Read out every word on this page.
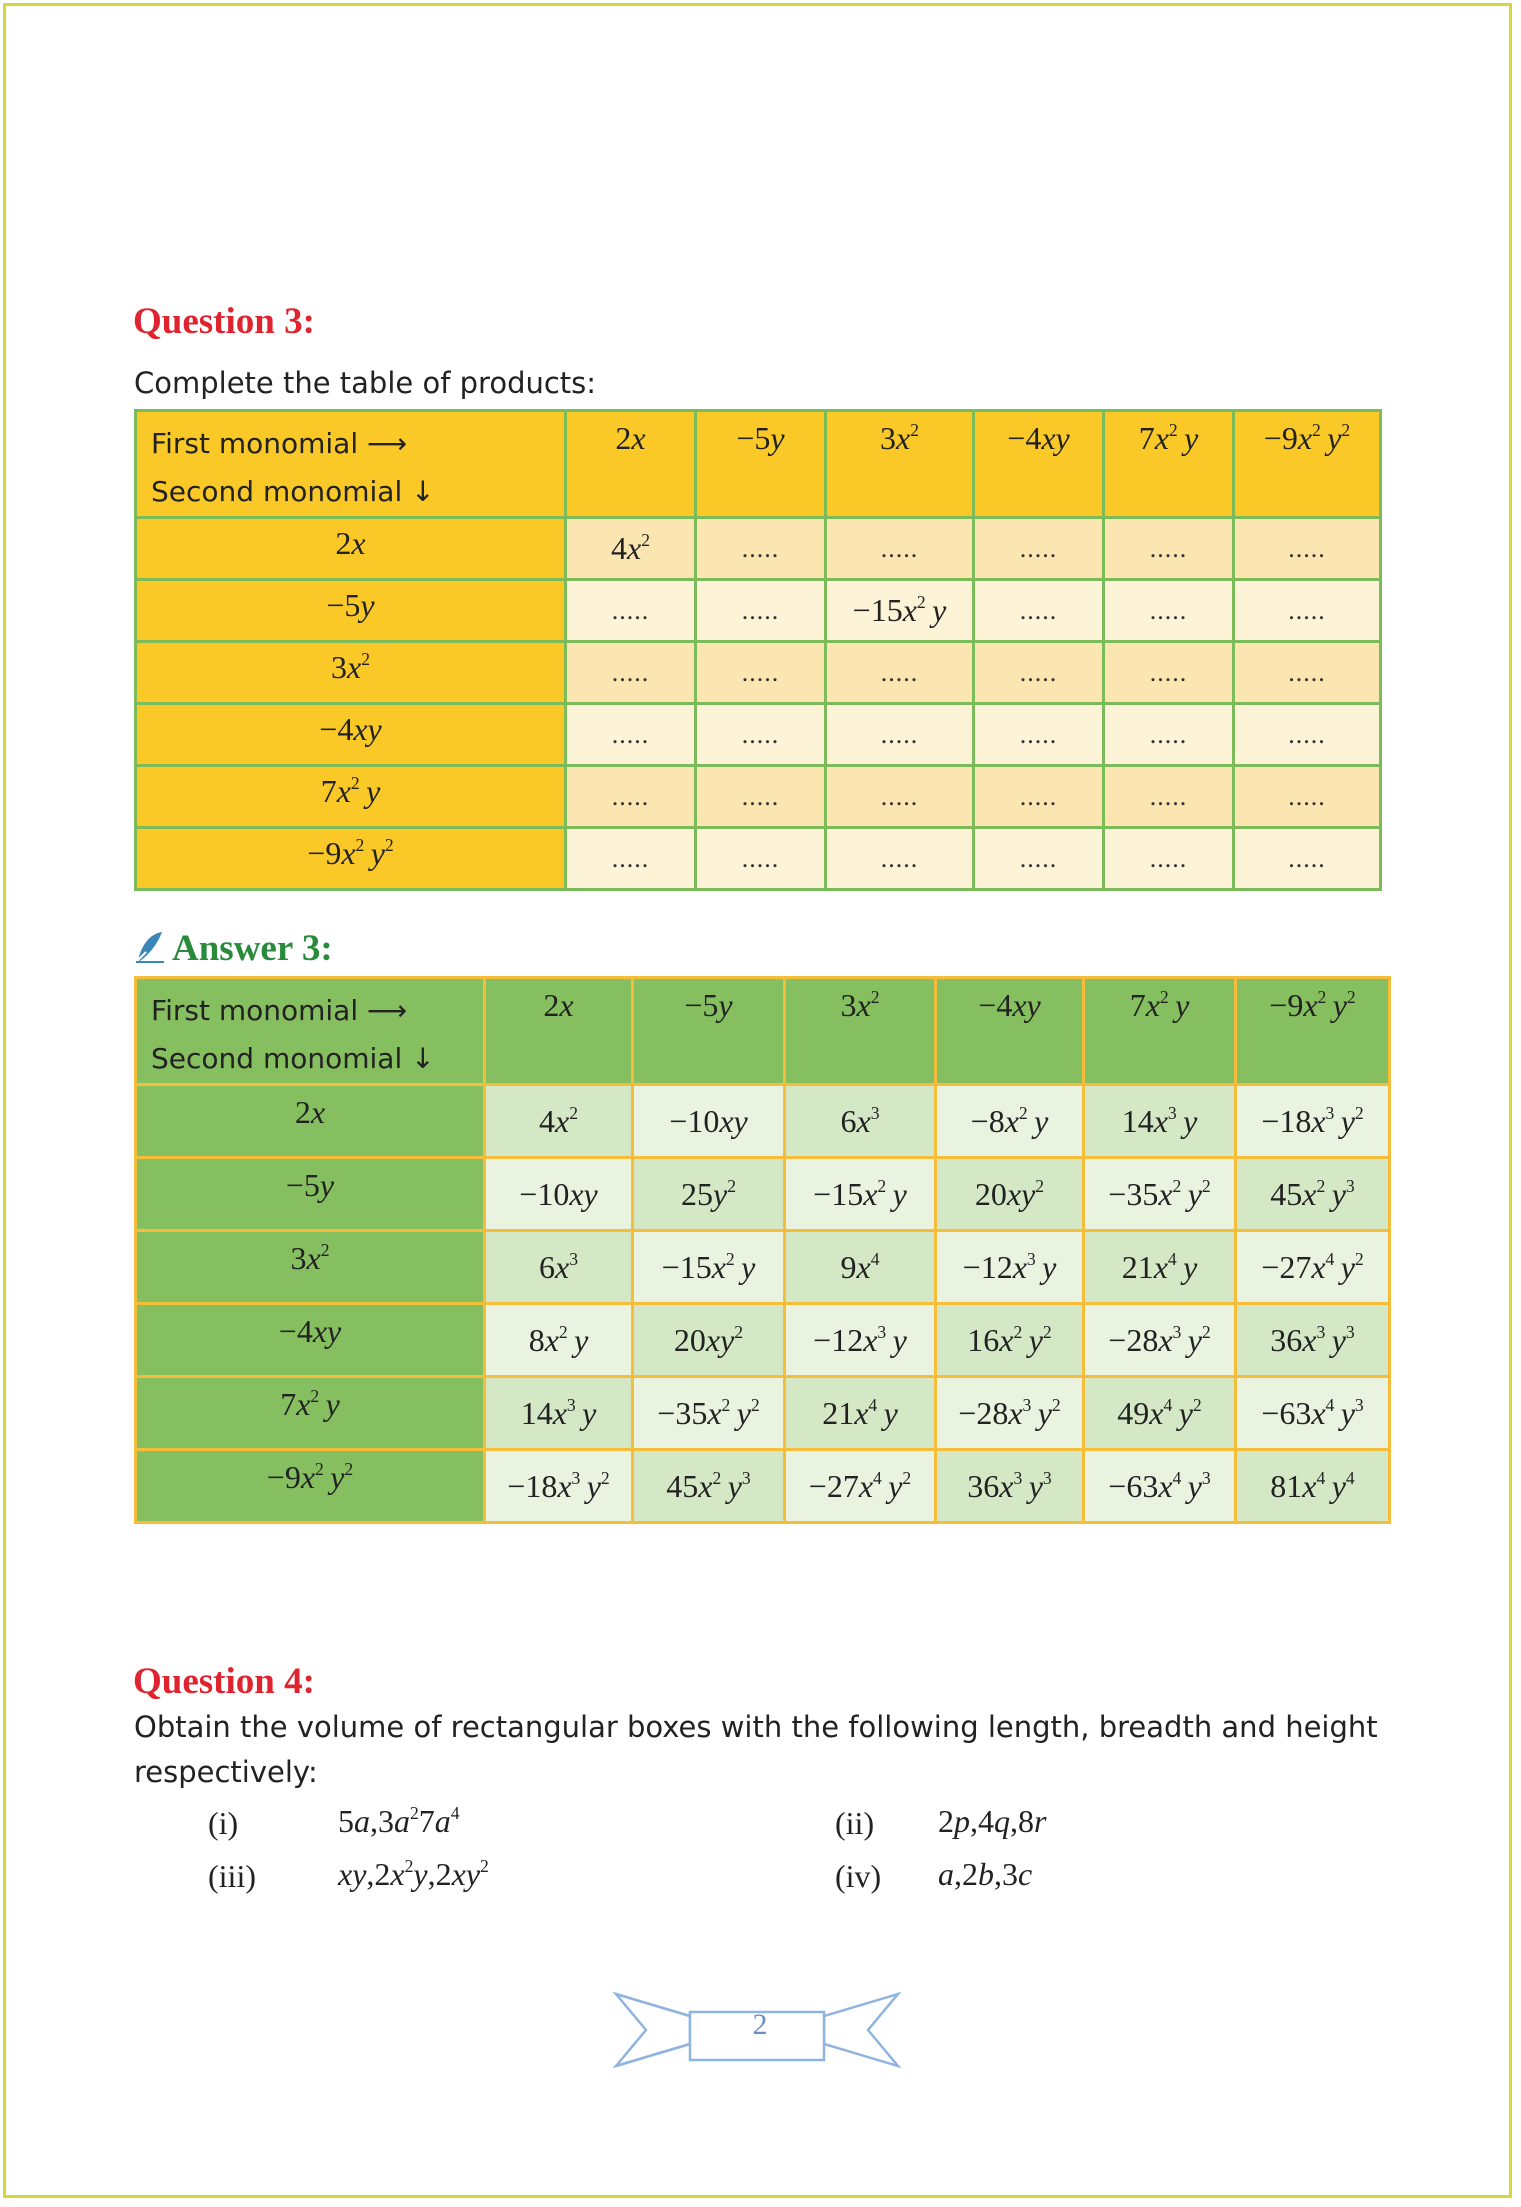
Question 3:
Complete the table of products:
First monomial ⟶
Second monomial ↓	2x	−5y	$3x^2$	−4xy	$7x^2$ y	$-9x^2$ $y^2$
2x	$4x^2$	.....	.....	.....	.....	.....
−5y	.....	.....	$-15x^2$ y	.....	.....	.....
$3x^2$	.....	.....	.....	.....	.....	.....
−4xy	.....	.....	.....	.....	.....	.....
$7x^2$ y	.....	.....	.....	.....	.....	.....
$-9x^2$ $y^2$	.....	.....	.....	.....	.....	.....
Answer 3:
First monomial ⟶
Second monomial ↓	2x	−5y	$3x^2$	−4xy	$7x^2$ y	$-9x^2$ $y^2$
2x	$4x^2$	−10xy	$6x^3$	$-8x^2$ y	$14x^3$ y	$-18x^3$ $y^2$
−5y	−10xy	$25y^2$	$-15x^2$ y	$20xy^2$	$-35x^2$ $y^2$	$45x^2$ $y^3$
$3x^2$	$6x^3$	$-15x^2$ y	$9x^4$	$-12x^3$ y	$21x^4$ y	$-27x^4$ $y^2$
−4xy	$8x^2$ y	$20xy^2$	$-12x^3$ y	$16x^2$ $y^2$	$-28x^3$ $y^2$	$36x^3$ $y^3$
$7x^2$ y	$14x^3$ y	$-35x^2$ $y^2$	$21x^4$ y	$-28x^3$ $y^2$	$49x^4$ $y^2$	$-63x^4$ $y^3$
$-9x^2$ $y^2$	$-18x^3$ $y^2$	$45x^2$ $y^3$	$-27x^4$ $y^2$	$36x^3$ $y^3$	$-63x^4$ $y^3$	$81x^4$ $y^4$
Question 4:
Obtain the volume of rectangular boxes with the following length, breadth and height
respectively:
(i)	$5a,3a^27a^4$	(ii) 2p,4q,8r
(iii)	$xy,2x^2y,2xy^2$	(iv) a,2b,3c
2
